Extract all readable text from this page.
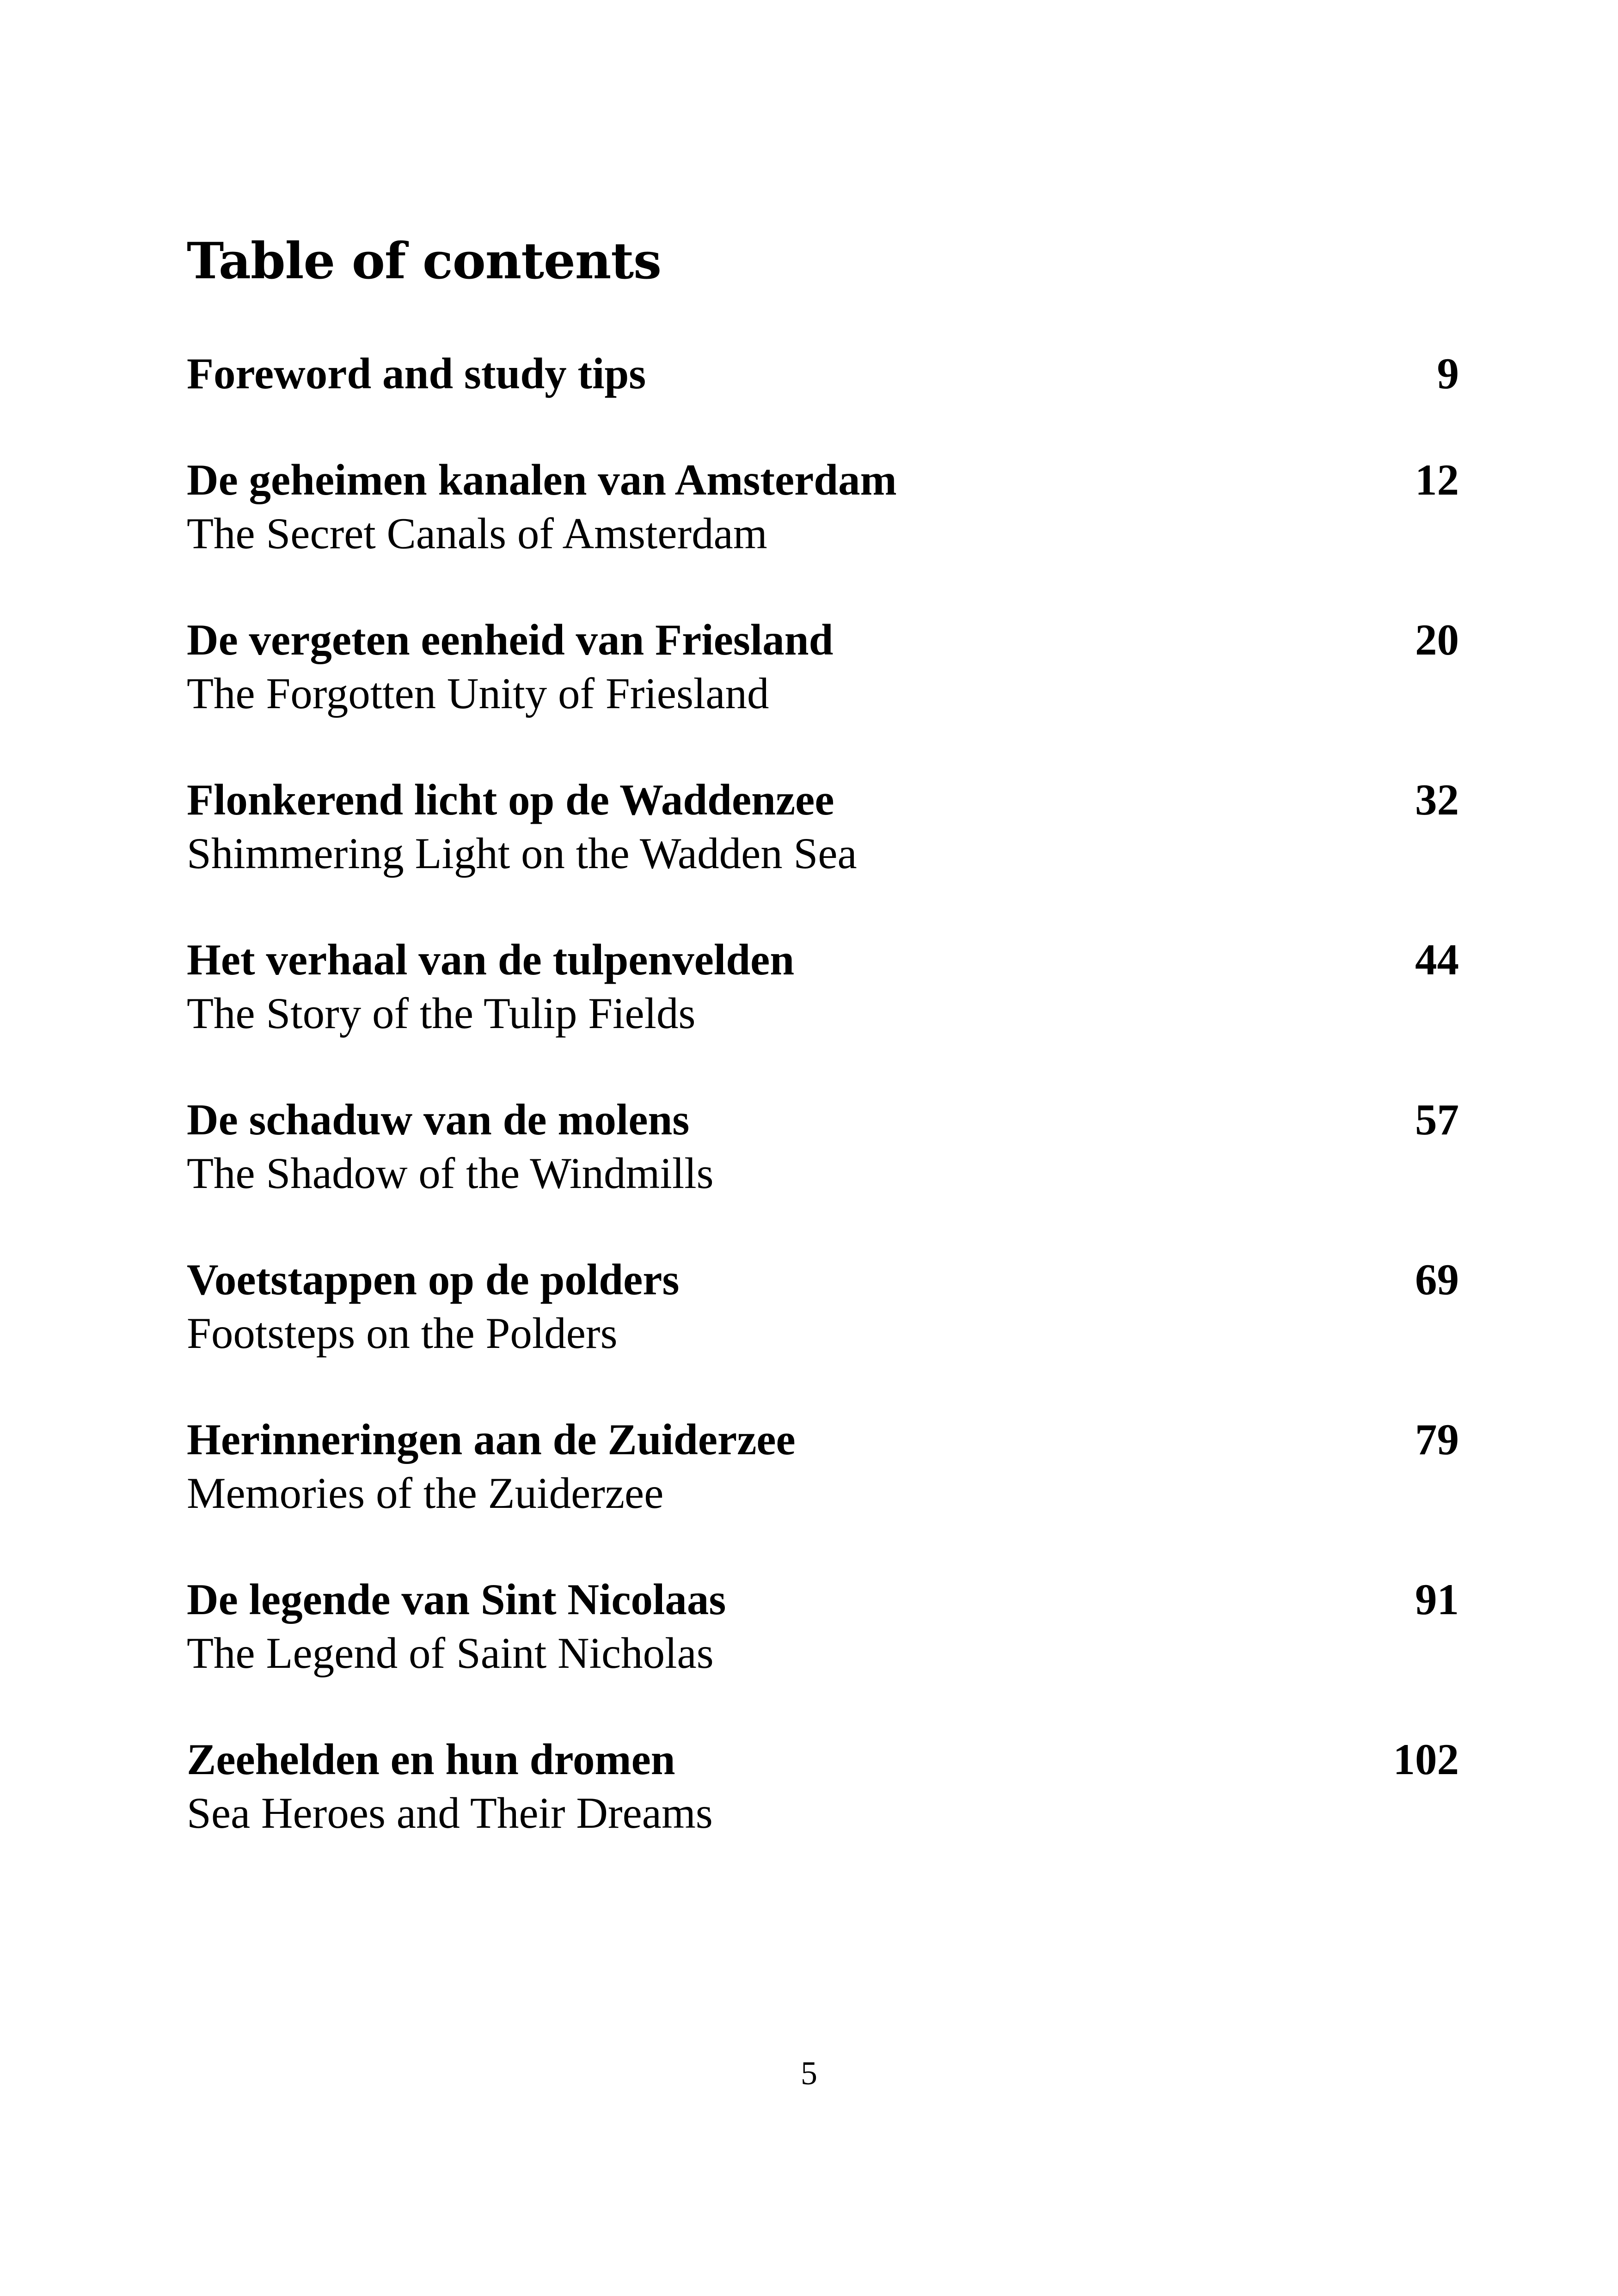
Table of contents
Foreword and study tips	9
De geheimen kanalen van Amsterdam	12
The Secret Canals of Amsterdam
De vergeten eenheid van Friesland	20
The Forgotten Unity of Friesland
Flonkerend licht op de Waddenzee	32
Shimmering Light on the Wadden Sea
Het verhaal van de tulpenvelden	44
The Story of the Tulip Fields
De schaduw van de molens	57
The Shadow of the Windmills
Voetstappen op de polders	69
Footsteps on the Polders
Herinneringen aan de Zuiderzee	79
Memories of the Zuiderzee
De legende van Sint Nicolaas	91
The Legend of Saint Nicholas
Zeehelden en hun dromen	102
Sea Heroes and Their Dreams
5
